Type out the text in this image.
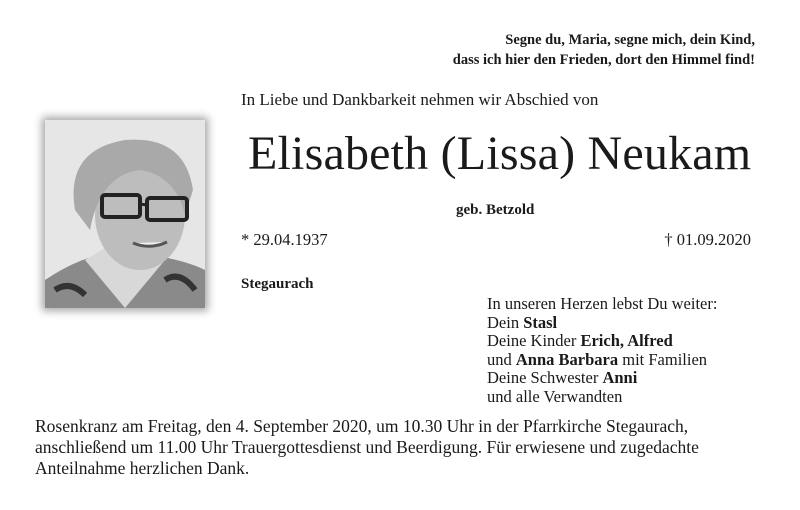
Segne du, Maria, segne mich, dein Kind,
dass ich hier den Frieden, dort den Himmel find!
In Liebe und Dankbarkeit nehmen wir Abschied von
Elisabeth (Lissa) Neukam
geb. Betzold
* 29.04.1937	† 01.09.2020
Stegaurach
In unseren Herzen lebst Du weiter:
Dein Stasl
Deine Kinder Erich, Alfred
und Anna Barbara mit Familien
Deine Schwester Anni
und alle Verwandten
Rosenkranz am Freitag, den 4. September 2020, um 10.30 Uhr in der Pfarrkirche Stegaurach,
anschließend um 11.00 Uhr Trauergottesdienst und Beerdigung. Für erwiesene und zugedachte
Anteilnahme herzlichen Dank.
